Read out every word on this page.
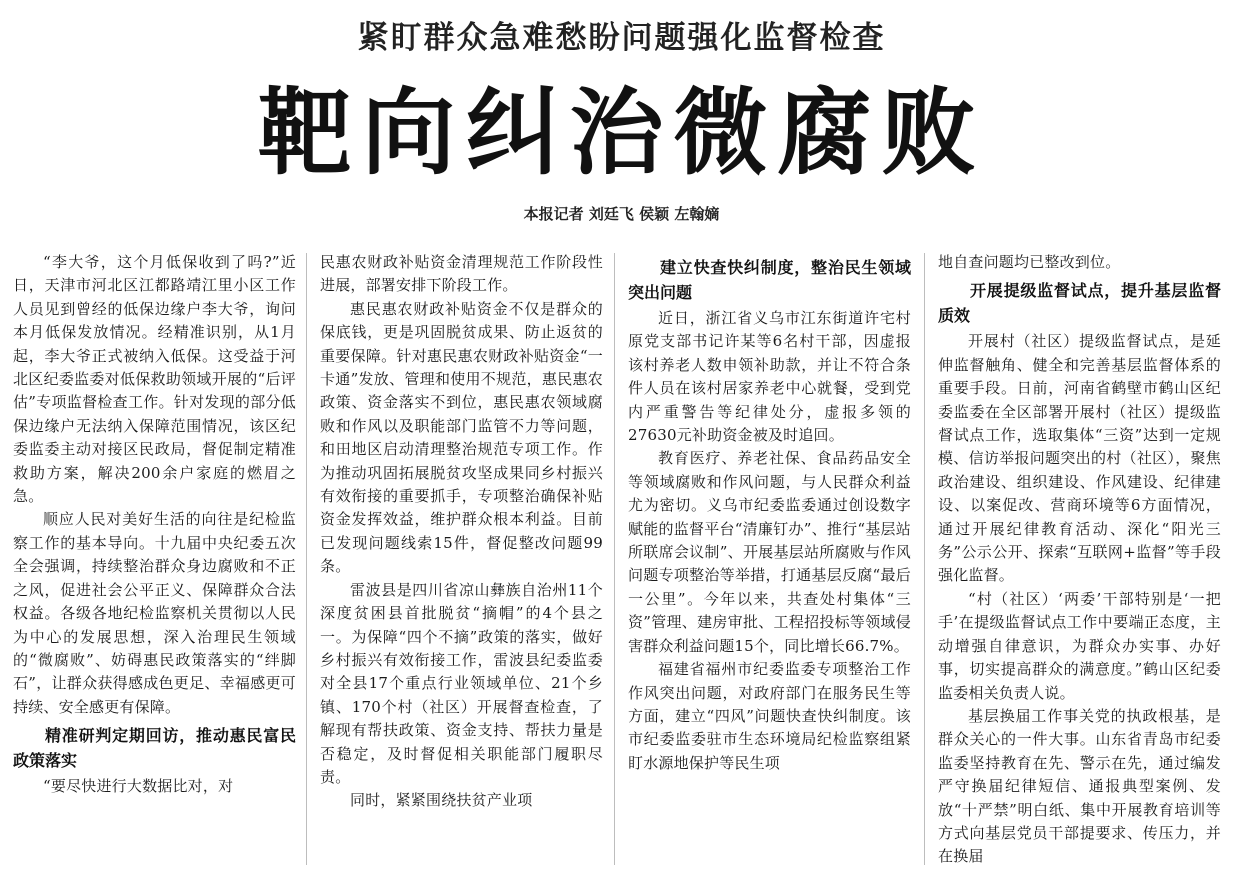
紧盯群众急难愁盼问题强化监督检查
靶向纠治微腐败
本报记者 刘廷飞 侯颖 左翰嫡

“李大爷，这个月低保收到了吗?”近日，天津市河北区江都路靖江里小区工作人员见到曾经的低保边缘户李大爷，询问本月低保发放情况。经精准识别，从1月起，李大爷正式被纳入低保。这受益于河北区纪委监委对低保救助领域开展的“后评估”专项监督检查工作。针对发现的部分低保边缘户无法纳入保障范围情况，该区纪委监委主动对接区民政局，督促制定精准救助方案，解决200余户家庭的燃眉之急。

顺应人民对美好生活的向往是纪检监察工作的基本导向。十九届中央纪委五次全会强调，持续整治群众身边腐败和不正之风，促进社会公平正义、保障群众合法权益。各级各地纪检监察机关贯彻以人民为中心的发展思想，深入治理民生领域的“微腐败”、妨碍惠民政策落实的“绊脚石”，让群众获得感成色更足、幸福感更可持续、安全感更有保障。

精准研判定期回访，推动惠民富民政策落实

“要尽快进行大数据比对，对

民惠农财政补贴资金清理规范工作阶段性进展，部署安排下阶段工作。

惠民惠农财政补贴资金不仅是群众的保底钱，更是巩固脱贫成果、防止返贫的重要保障。针对惠民惠农财政补贴资金“一卡通”发放、管理和使用不规范，惠民惠农政策、资金落实不到位，惠民惠农领域腐败和作风以及职能部门监管不力等问题，和田地区启动清理整治规范专项工作。作为推动巩固拓展脱贫攻坚成果同乡村振兴有效衔接的重要抓手，专项整治确保补贴资金发挥效益，维护群众根本利益。目前已发现问题线索15件，督促整改问题99条。

雷波县是四川省凉山彝族自治州11个深度贫困县首批脱贫“摘帽”的4个县之一。为保障“四个不摘”政策的落实，做好乡村振兴有效衔接工作，雷波县纪委监委对全县17个重点行业领域单位、21个乡镇、170个村（社区）开展督查检查，了解现有帮扶政策、资金支持、帮扶力量是否稳定，及时督促相关职能部门履职尽责。

同时，紧紧围绕扶贫产业项

建立快查快纠制度，整治民生领域突出问题

近日，浙江省义乌市江东街道许宅村原党支部书记许某等6名村干部，因虚报该村养老人数申领补助款，并让不符合条件人员在该村居家养老中心就餐，受到党内严重警告等纪律处分，虚报多领的27630元补助资金被及时追回。

教育医疗、养老社保、食品药品安全等领域腐败和作风问题，与人民群众利益尤为密切。义乌市纪委监委通过创设数字赋能的监督平台“清廉钉办”、推行“基层站所联席会议制”、开展基层站所腐败与作风问题专项整治等举措，打通基层反腐“最后一公里”。今年以来，共查处村集体“三资”管理、建房审批、工程招投标等领域侵害群众利益问题15个，同比增长66.7%。

福建省福州市纪委监委专项整治工作作风突出问题，对政府部门在服务民生等方面，建立“四风”问题快查快纠制度。该市纪委监委驻市生态环境局纪检监察组紧盯水源地保护等民生项

地自查问题均已整改到位。

开展提级监督试点，提升基层监督质效

开展村（社区）提级监督试点，是延伸监督触角、健全和完善基层监督体系的重要手段。日前，河南省鹤壁市鹤山区纪委监委在全区部署开展村（社区）提级监督试点工作，选取集体“三资”达到一定规模、信访举报问题突出的村（社区），聚焦政治建设、组织建设、作风建设、纪律建设、以案促改、营商环境等6方面情况，通过开展纪律教育活动、深化“阳光三务”公示公开、探索“互联网+监督”等手段强化监督。

“村（社区）‘两委’干部特别是‘一把手’在提级监督试点工作中要端正态度，主动增强自律意识，为群众办实事、办好事，切实提高群众的满意度。”鹤山区纪委监委相关负责人说。

基层换届工作事关党的执政根基，是群众关心的一件大事。山东省青岛市纪委监委坚持教育在先、警示在先，通过编发严守换届纪律短信、通报典型案例、发放“十严禁”明白纸、集中开展教育培训等方式向基层党员干部提要求、传压力，并在换届
